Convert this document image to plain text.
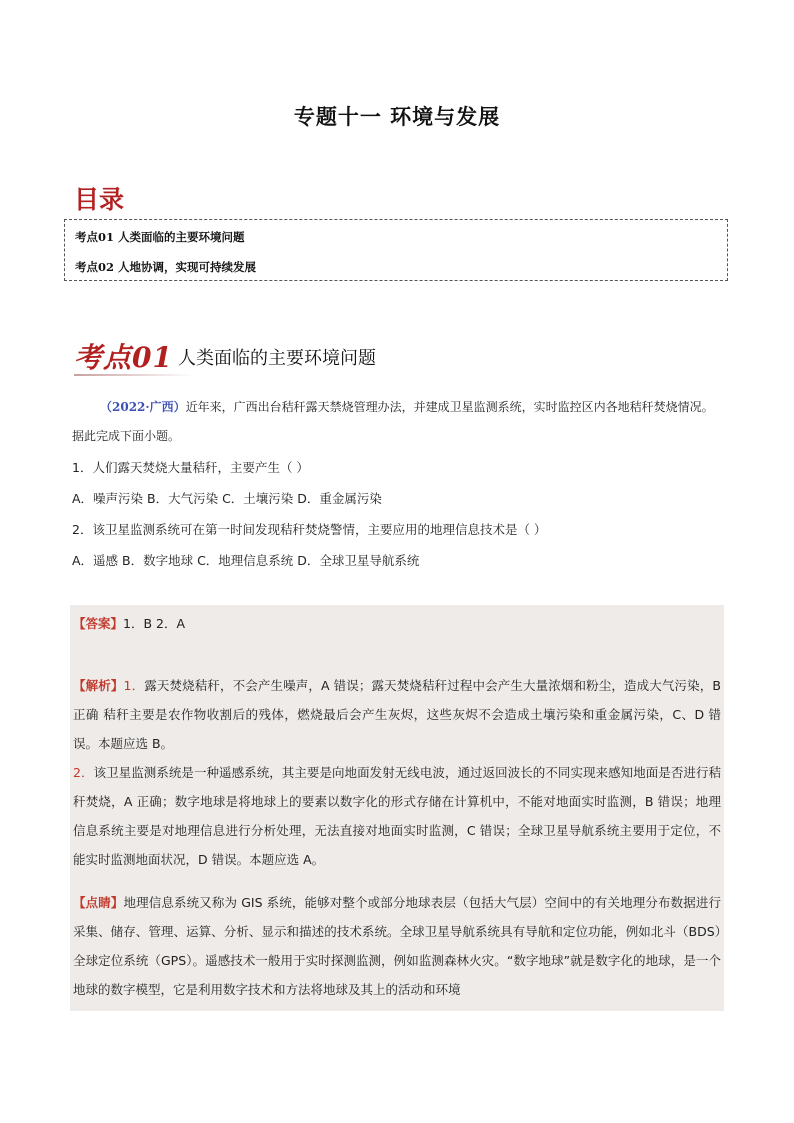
专题十一 环境与发展
目录
考点01 人类面临的主要环境问题
考点02 人地协调，实现可持续发展
考点01 人类面临的主要环境问题
（2022·广西）近年来，广西出台秸秆露天禁烧管理办法，并建成卫星监测系统，实时监控区内各地秸秆焚烧情况。据此完成下面小题。
1．人们露天焚烧大量秸秆，主要产生（ ）
A．噪声污染 B．大气污染 C．土壤污染 D．重金属污染
2．该卫星监测系统可在第一时间发现秸秆焚烧警情，主要应用的地理信息技术是（ ）
A．遥感 B．数字地球 C．地理信息系统 D．全球卫星导航系统
【答案】1．B 2．A
【解析】1．露天焚烧秸秆，不会产生噪声，A 错误；露天焚烧秸秆过程中会产生大量浓烟和粉尘，造成大气污染，B 正确 秸秆主要是农作物收割后的残体，燃烧最后会产生灰烬，这些灰烬不会造成土壤污染和重金属污染，C、D 错误。本题应选 B。
2．该卫星监测系统是一种遥感系统，其主要是向地面发射无线电波，通过返回波长的不同实现来感知地面是否进行秸秆焚烧，A 正确；数字地球是将地球上的要素以数字化的形式存储在计算机中，不能对地面实时监测，B 错误；地理信息系统主要是对地理信息进行分析处理，无法直接对地面实时监测，C 错误；全球卫星导航系统主要用于定位，不能实时监测地面状况，D 错误。本题应选 A。
【点睛】地理信息系统又称为 GIS 系统，能够对整个或部分地球表层（包括大气层）空间中的有关地理分布数据进行采集、储存、管理、运算、分析、显示和描述的技术系统。全球卫星导航系统具有导航和定位功能，例如北斗（BDS）全球定位系统（GPS）。遥感技术一般用于实时探测监测，例如监测森林火灾。“数字地球”就是数字化的地球，是一个地球的数字模型，它是利用数字技术和方法将地球及其上的活动和环境
